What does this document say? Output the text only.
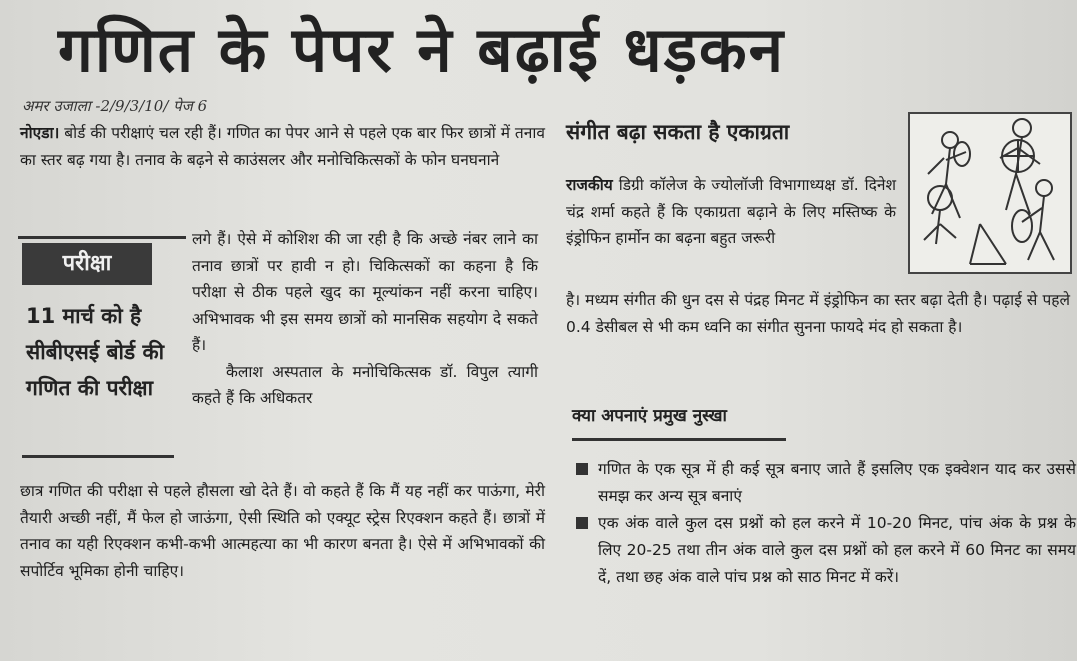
गणित के पेपर ने बढ़ाई धड़कन
अमर उजाला -2/9/3/10/ पेज 6

नोएडा। बोर्ड की परीक्षाएं चल रही हैं। गणित का पेपर आने से पहले एक बार फिर छात्रों में तनाव का स्तर बढ़ गया है। तनाव के बढ़ने से काउंसलर और मनोचिकित्सकों के फोन घनघनाने

परीक्षा
11 मार्च को है सीबीएसई बोर्ड की गणित की परीक्षा

लगे हैं। ऐसे में कोशिश की जा रही है कि अच्छे नंबर लाने का तनाव छात्रों पर हावी न हो। चिकित्सकों का कहना है कि परीक्षा से ठीक पहले खुद का मूल्यांकन नहीं करना चाहिए। अभिभावक भी इस समय छात्रों को मानसिक सहयोग दे सकते हैं।

कैलाश अस्पताल के मनोचिकित्सक डॉ. विपुल त्यागी कहते हैं कि अधिकतर

छात्र गणित की परीक्षा से पहले हौसला खो देते हैं। वो कहते हैं कि मैं यह नहीं कर पाऊंगा, मेरी तैयारी अच्छी नहीं, मैं फेल हो जाऊंगा, ऐसी स्थिति को एक्यूट स्ट्रेस रिएक्शन कहते हैं। छात्रों में तनाव का यही रिएक्शन कभी-कभी आत्महत्या का भी कारण बनता है। ऐसे में अभिभावकों की सपोर्टिव भूमिका होनी चाहिए।

संगीत बढ़ा सकता है एकाग्रता

राजकीय डिग्री कॉलेज के ज्योलॉजी विभागाध्यक्ष डॉ. दिनेश चंद्र शर्मा कहते हैं कि एकाग्रता बढ़ाने के लिए मस्तिष्क के इंड्रोफिन हार्मोन का बढ़ना बहुत जरूरी

है। मध्यम संगीत की धुन दस से पंद्रह मिनट में इंड्रोफिन का स्तर बढ़ा देती है। पढ़ाई से पहले 0.4 डेसीबल से भी कम ध्वनि का संगीत सुनना फायदे मंद हो सकता है।

क्या अपनाएं प्रमुख नुस्खा
गणित के एक सूत्र में ही कई सूत्र बनाए जाते हैं इसलिए एक इक्वेशन याद कर उससे समझ कर अन्य सूत्र बनाएं
एक अंक वाले कुल दस प्रश्नों को हल करने में 10-20 मिनट, पांच अंक के प्रश्न के लिए 20-25 तथा तीन अंक वाले कुल दस प्रश्नों को हल करने में 60 मिनट का समय दें, तथा छह अंक वाले पांच प्रश्न को साठ मिनट में करें।
